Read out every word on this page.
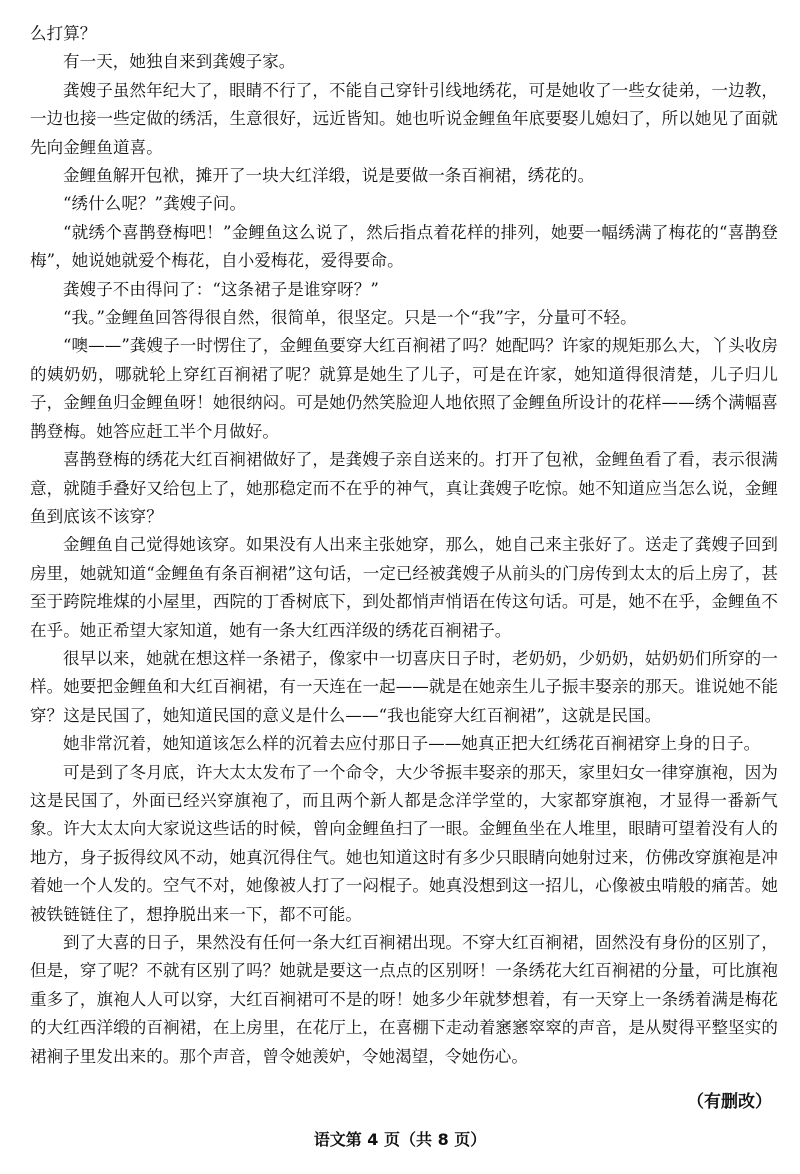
么打算？

有一天，她独自来到龚嫂子家。

龚嫂子虽然年纪大了，眼睛不行了，不能自己穿针引线地绣花，可是她收了一些女徒弟，一边教，一边也接一些定做的绣活，生意很好，远近皆知。她也听说金鲤鱼年底要娶儿媳妇了，所以她见了面就先向金鲤鱼道喜。

金鲤鱼解开包袱，摊开了一块大红洋缎，说是要做一条百裥裙，绣花的。

“绣什么呢？”龚嫂子问。

“就绣个喜鹊登梅吧！”金鲤鱼这么说了，然后指点着花样的排列，她要一幅绣满了梅花的“喜鹊登梅”，她说她就爱个梅花，自小爱梅花，爱得要命。

龚嫂子不由得问了：“这条裙子是谁穿呀？”

“我。”金鲤鱼回答得很自然，很简单，很坚定。只是一个“我”字，分量可不轻。

“噢——”龚嫂子一时愣住了，金鲤鱼要穿大红百裥裙了吗？她配吗？许家的规矩那么大，丫头收房的姨奶奶，哪就轮上穿红百裥裙了呢？就算是她生了儿子，可是在许家，她知道得很清楚，儿子归儿子，金鲤鱼归金鲤鱼呀！她很纳闷。可是她仍然笑脸迎人地依照了金鲤鱼所设计的花样——绣个满幅喜鹊登梅。她答应赶工半个月做好。

喜鹊登梅的绣花大红百裥裙做好了，是龚嫂子亲自送来的。打开了包袱，金鲤鱼看了看，表示很满意，就随手叠好又给包上了，她那稳定而不在乎的神气，真让龚嫂子吃惊。她不知道应当怎么说，金鲤鱼到底该不该穿？

金鲤鱼自己觉得她该穿。如果没有人出来主张她穿，那么，她自己来主张好了。送走了龚嫂子回到房里，她就知道“金鲤鱼有条百裥裙”这句话，一定已经被龚嫂子从前头的门房传到太太的后上房了，甚至于跨院堆煤的小屋里，西院的丁香树底下，到处都悄声悄语在传这句话。可是，她不在乎，金鲤鱼不在乎。她正希望大家知道，她有一条大红西洋级的绣花百裥裙子。

很早以来，她就在想这样一条裙子，像家中一切喜庆日子时，老奶奶，少奶奶，姑奶奶们所穿的一样。她要把金鲤鱼和大红百裥裙，有一天连在一起——就是在她亲生儿子振丰娶亲的那天。谁说她不能穿？这是民国了，她知道民国的意义是什么——“我也能穿大红百裥裙”，这就是民国。

她非常沉着，她知道该怎么样的沉着去应付那日子——她真正把大红绣花百裥裙穿上身的日子。

可是到了冬月底，许大太太发布了一个命令，大少爷振丰娶亲的那天，家里妇女一律穿旗袍，因为这是民国了，外面已经兴穿旗袍了，而且两个新人都是念洋学堂的，大家都穿旗袍，才显得一番新气象。许大太太向大家说这些话的时候，曾向金鲤鱼扫了一眼。金鲤鱼坐在人堆里，眼睛可望着没有人的地方，身子扳得纹风不动，她真沉得住气。她也知道这时有多少只眼睛向她射过来，仿佛改穿旗袍是冲着她一个人发的。空气不对，她像被人打了一闷棍子。她真没想到这一招儿，心像被虫啃般的痛苦。她被铁链链住了，想挣脱出来一下，都不可能。

到了大喜的日子，果然没有任何一条大红百裥裙出现。不穿大红百裥裙，固然没有身份的区别了，但是，穿了呢？不就有区别了吗？她就是要这一点点的区别呀！一条绣花大红百裥裙的分量，可比旗袍重多了，旗袍人人可以穿，大红百裥裙可不是的呀！她多少年就梦想着，有一天穿上一条绣着满是梅花的大红西洋缎的百裥裙，在上房里，在花厅上，在喜棚下走动着窸窸窣窣的声音，是从熨得平整坚实的裙裥子里发出来的。那个声音，曾令她羡妒，令她渴望，令她伤心。

（有删改）

语文第 4 页（共 8 页）
